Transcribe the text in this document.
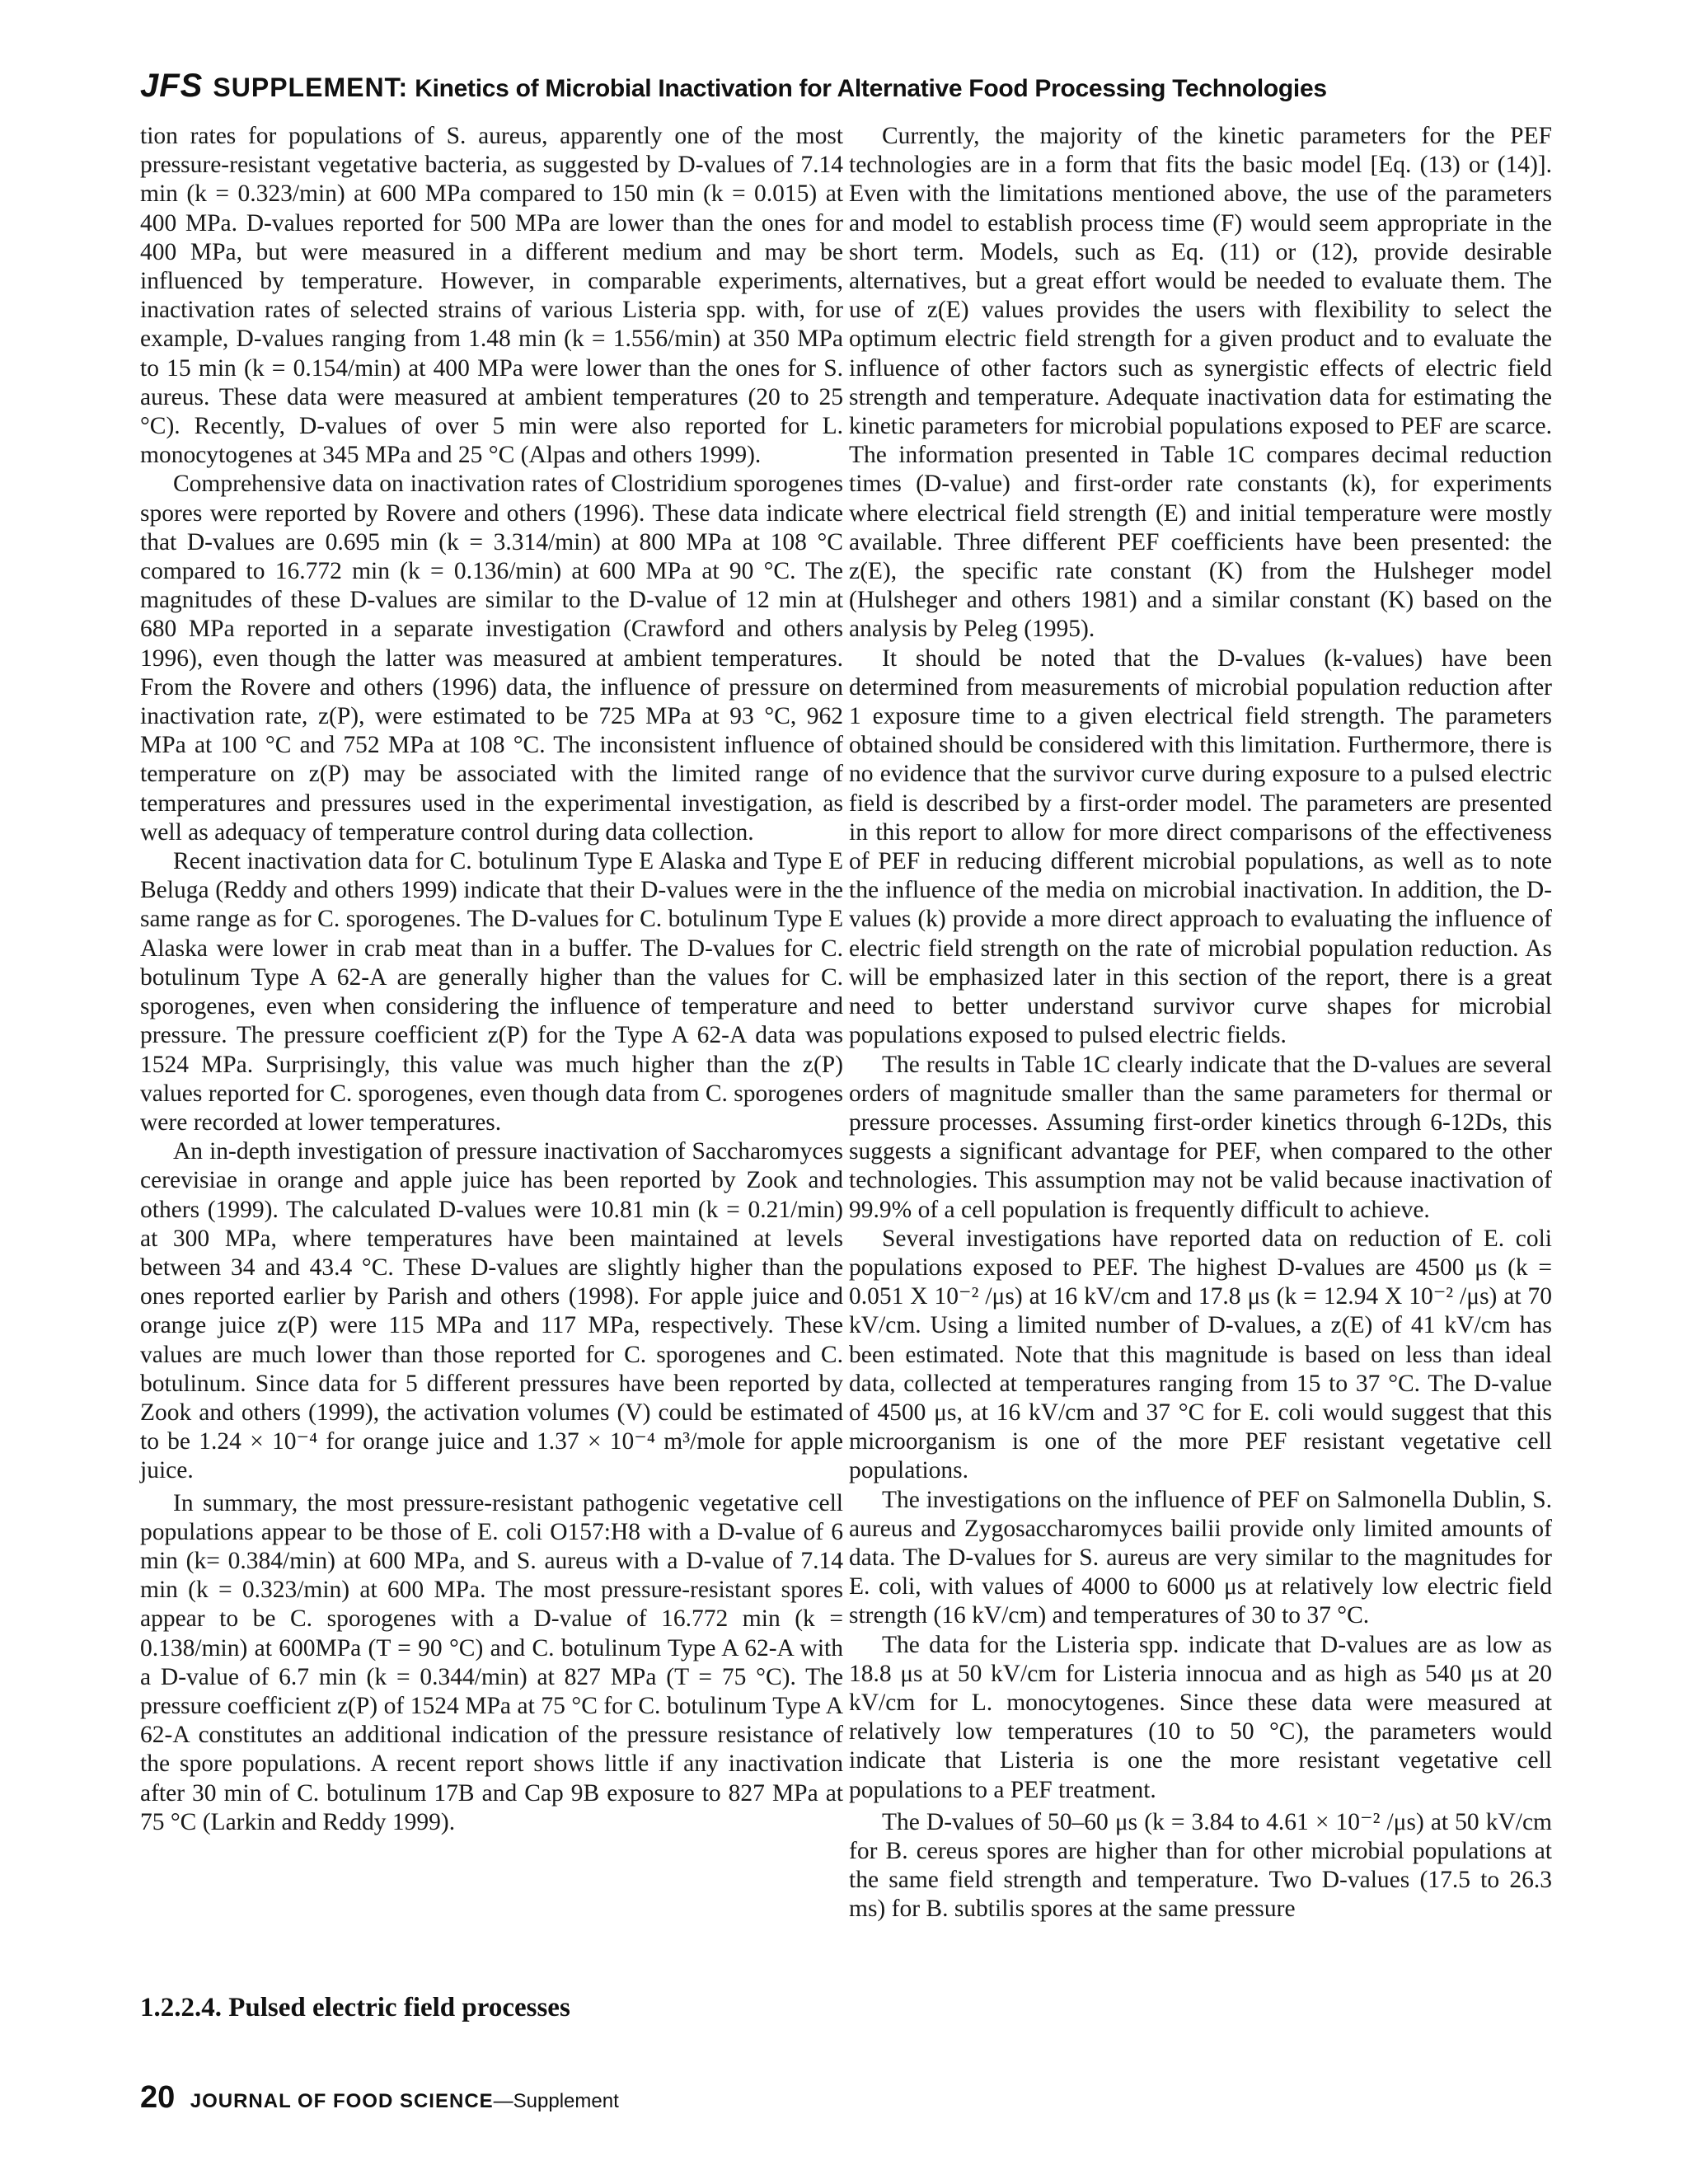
JFS SUPPLEMENT: Kinetics of Microbial Inactivation for Alternative Food Processing Technologies

tion rates for populations of S. aureus, apparently one of the most pressure-resistant vegetative bacteria, as suggested by D-values of 7.14 min (k = 0.323/min) at 600 MPa compared to 150 min (k = 0.015) at 400 MPa. D-values reported for 500 MPa are lower than the ones for 400 MPa, but were measured in a different medium and may be influenced by temperature. However, in comparable experiments, inactivation rates of selected strains of various Listeria spp. with, for example, D-values ranging from 1.48 min (k = 1.556/min) at 350 MPa to 15 min (k = 0.154/min) at 400 MPa were lower than the ones for S. aureus. These data were measured at ambient temperatures (20 to 25 °C). Recently, D-values of over 5 min were also reported for L. monocytogenes at 345 MPa and 25 °C (Alpas and others 1999).

Comprehensive data on inactivation rates of Clostridium sporogenes spores were reported by Rovere and others (1996). These data indicate that D-values are 0.695 min (k = 3.314/min) at 800 MPa at 108 °C compared to 16.772 min (k = 0.136/min) at 600 MPa at 90 °C. The magnitudes of these D-values are similar to the D-value of 12 min at 680 MPa reported in a separate investigation (Crawford and others 1996), even though the latter was measured at ambient temperatures. From the Rovere and others (1996) data, the influence of pressure on inactivation rate, z(P), were estimated to be 725 MPa at 93 °C, 962 MPa at 100 °C and 752 MPa at 108 °C. The inconsistent influence of temperature on z(P) may be associated with the limited range of temperatures and pressures used in the experimental investigation, as well as adequacy of temperature control during data collection.

Recent inactivation data for C. botulinum Type E Alaska and Type E Beluga (Reddy and others 1999) indicate that their D-values were in the same range as for C. sporogenes. The D-values for C. botulinum Type E Alaska were lower in crab meat than in a buffer. The D-values for C. botulinum Type A 62-A are generally higher than the values for C. sporogenes, even when considering the influence of temperature and pressure. The pressure coefficient z(P) for the Type A 62-A data was 1524 MPa. Surprisingly, this value was much higher than the z(P) values reported for C. sporogenes, even though data from C. sporogenes were recorded at lower temperatures.

An in-depth investigation of pressure inactivation of Saccharomyces cerevisiae in orange and apple juice has been reported by Zook and others (1999). The calculated D-values were 10.81 min (k = 0.21/min) at 300 MPa, where temperatures have been maintained at levels between 34 and 43.4 °C. These D-values are slightly higher than the ones reported earlier by Parish and others (1998). For apple juice and orange juice z(P) were 115 MPa and 117 MPa, respectively. These values are much lower than those reported for C. sporogenes and C. botulinum. Since data for 5 different pressures have been reported by Zook and others (1999), the activation volumes (V) could be estimated to be 1.24 × 10⁻⁴ for orange juice and 1.37 × 10⁻⁴ m³/mole for apple juice.

In summary, the most pressure-resistant pathogenic vegetative cell populations appear to be those of E. coli O157:H8 with a D-value of 6 min (k= 0.384/min) at 600 MPa, and S. aureus with a D-value of 7.14 min (k = 0.323/min) at 600 MPa. The most pressure-resistant spores appear to be C. sporogenes with a D-value of 16.772 min (k = 0.138/min) at 600MPa (T = 90 °C) and C. botulinum Type A 62-A with a D-value of 6.7 min (k = 0.344/min) at 827 MPa (T = 75 °C). The pressure coefficient z(P) of 1524 MPa at 75 °C for C. botulinum Type A 62-A constitutes an additional indication of the pressure resistance of the spore populations. A recent report shows little if any inactivation after 30 min of C. botulinum 17B and Cap 9B exposure to 827 MPa at 75 °C (Larkin and Reddy 1999).

1.2.2.4. Pulsed electric field processes

Currently, the majority of the kinetic parameters for the PEF technologies are in a form that fits the basic model [Eq. (13) or (14)]. Even with the limitations mentioned above, the use of the parameters and model to establish process time (F) would seem appropriate in the short term. Models, such as Eq. (11) or (12), provide desirable alternatives, but a great effort would be needed to evaluate them. The use of z(E) values provides the users with flexibility to select the optimum electric field strength for a given product and to evaluate the influence of other factors such as synergistic effects of electric field strength and temperature. Adequate inactivation data for estimating the kinetic parameters for microbial populations exposed to PEF are scarce. The information presented in Table 1C compares decimal reduction times (D-value) and first-order rate constants (k), for experiments where electrical field strength (E) and initial temperature were mostly available. Three different PEF coefficients have been presented: the z(E), the specific rate constant (K) from the Hulsheger model (Hulsheger and others 1981) and a similar constant (K) based on the analysis by Peleg (1995).

It should be noted that the D-values (k-values) have been determined from measurements of microbial population reduction after 1 exposure time to a given electrical field strength. The parameters obtained should be considered with this limitation. Furthermore, there is no evidence that the survivor curve during exposure to a pulsed electric field is described by a first-order model. The parameters are presented in this report to allow for more direct comparisons of the effectiveness of PEF in reducing different microbial populations, as well as to note the influence of the media on microbial inactivation. In addition, the D-values (k) provide a more direct approach to evaluating the influence of electric field strength on the rate of microbial population reduction. As will be emphasized later in this section of the report, there is a great need to better understand survivor curve shapes for microbial populations exposed to pulsed electric fields.

The results in Table 1C clearly indicate that the D-values are several orders of magnitude smaller than the same parameters for thermal or pressure processes. Assuming first-order kinetics through 6-12Ds, this suggests a significant advantage for PEF, when compared to the other technologies. This assumption may not be valid because inactivation of 99.9% of a cell population is frequently difficult to achieve.

Several investigations have reported data on reduction of E. coli populations exposed to PEF. The highest D-values are 4500 μs (k = 0.051 X 10⁻² /μs) at 16 kV/cm and 17.8 μs (k = 12.94 X 10⁻² /μs) at 70 kV/cm. Using a limited number of D-values, a z(E) of 41 kV/cm has been estimated. Note that this magnitude is based on less than ideal data, collected at temperatures ranging from 15 to 37 °C. The D-value of 4500 μs, at 16 kV/cm and 37 °C for E. coli would suggest that this microorganism is one of the more PEF resistant vegetative cell populations.

The investigations on the influence of PEF on Salmonella Dublin, S. aureus and Zygosaccharomyces bailii provide only limited amounts of data. The D-values for S. aureus are very similar to the magnitudes for E. coli, with values of 4000 to 6000 μs at relatively low electric field strength (16 kV/cm) and temperatures of 30 to 37 °C.

The data for the Listeria spp. indicate that D-values are as low as 18.8 μs at 50 kV/cm for Listeria innocua and as high as 540 μs at 20 kV/cm for L. monocytogenes. Since these data were measured at relatively low temperatures (10 to 50 °C), the parameters would indicate that Listeria is one the more resistant vegetative cell populations to a PEF treatment.

The D-values of 50–60 μs (k = 3.84 to 4.61 × 10⁻² /μs) at 50 kV/cm for B. cereus spores are higher than for other microbial populations at the same field strength and temperature. Two D-values (17.5 to 26.3 ms) for B. subtilis spores at the same pressure

20 JOURNAL OF FOOD SCIENCE—Supplement
